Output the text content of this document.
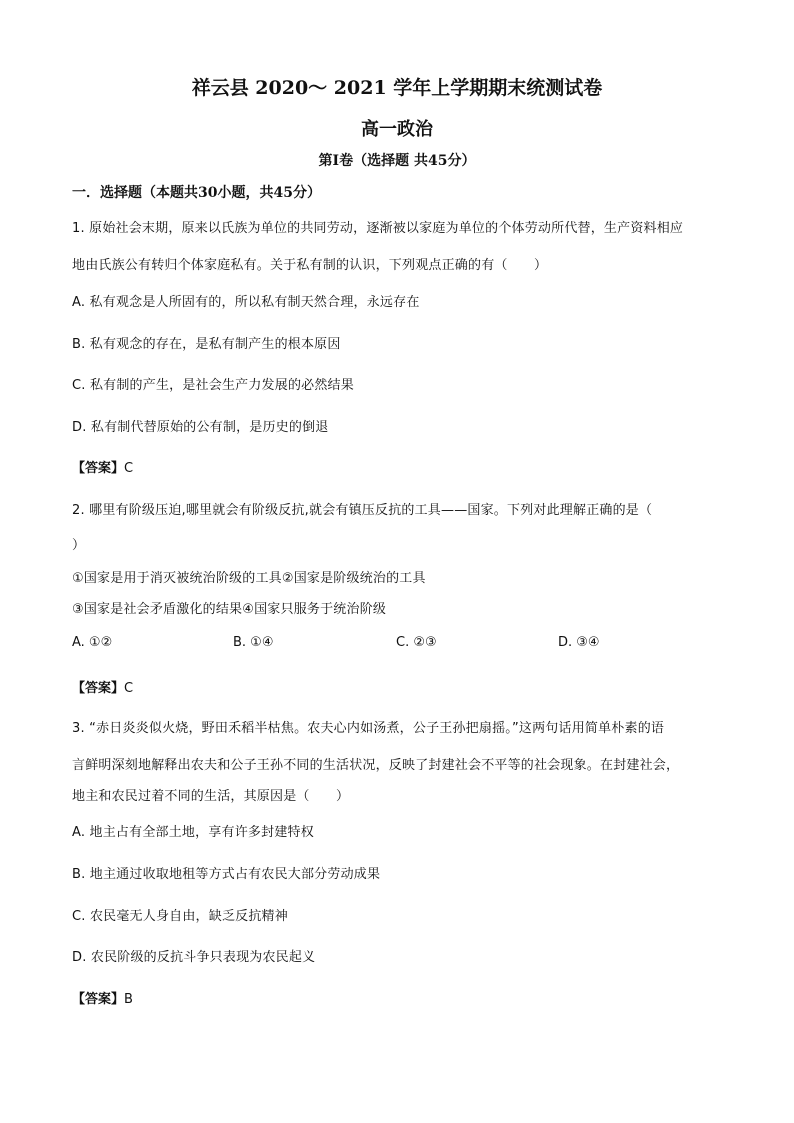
祥云县 2020～ 2021 学年上学期期末统测试卷
高一政治
第Ⅰ卷（选择题 共45分）
一．选择题（本题共30小题，共45分）
1. 原始社会末期，原来以氏族为单位的共同劳动，逐渐被以家庭为单位的个体劳动所代替，生产资料相应
地由氏族公有转归个体家庭私有。关于私有制的认识，下列观点正确的有（　　）
A. 私有观念是人所固有的，所以私有制天然合理，永远存在
B. 私有观念的存在，是私有制产生的根本原因
C. 私有制的产生，是社会生产力发展的必然结果
D. 私有制代替原始的公有制，是历史的倒退
【答案】C
2. 哪里有阶级压迫,哪里就会有阶级反抗,就会有镇压反抗的工具——国家。下列对此理解正确的是（
）
①国家是用于消灭被统治阶级的工具②国家是阶级统治的工具
③国家是社会矛盾激化的结果④国家只服务于统治阶级
A. ①②	B. ①④	C. ②③	D. ③④
【答案】C
3. “赤日炎炎似火烧，野田禾稻半枯焦。农夫心内如汤煮，公子王孙把扇摇。”这两句话用简单朴素的语
言鲜明深刻地解释出农夫和公子王孙不同的生活状况，反映了封建社会不平等的社会现象。在封建社会，
地主和农民过着不同的生活，其原因是（　　）
A. 地主占有全部土地，享有许多封建特权
B. 地主通过收取地租等方式占有农民大部分劳动成果
C. 农民毫无人身自由，缺乏反抗精神
D. 农民阶级的反抗斗争只表现为农民起义
【答案】B
